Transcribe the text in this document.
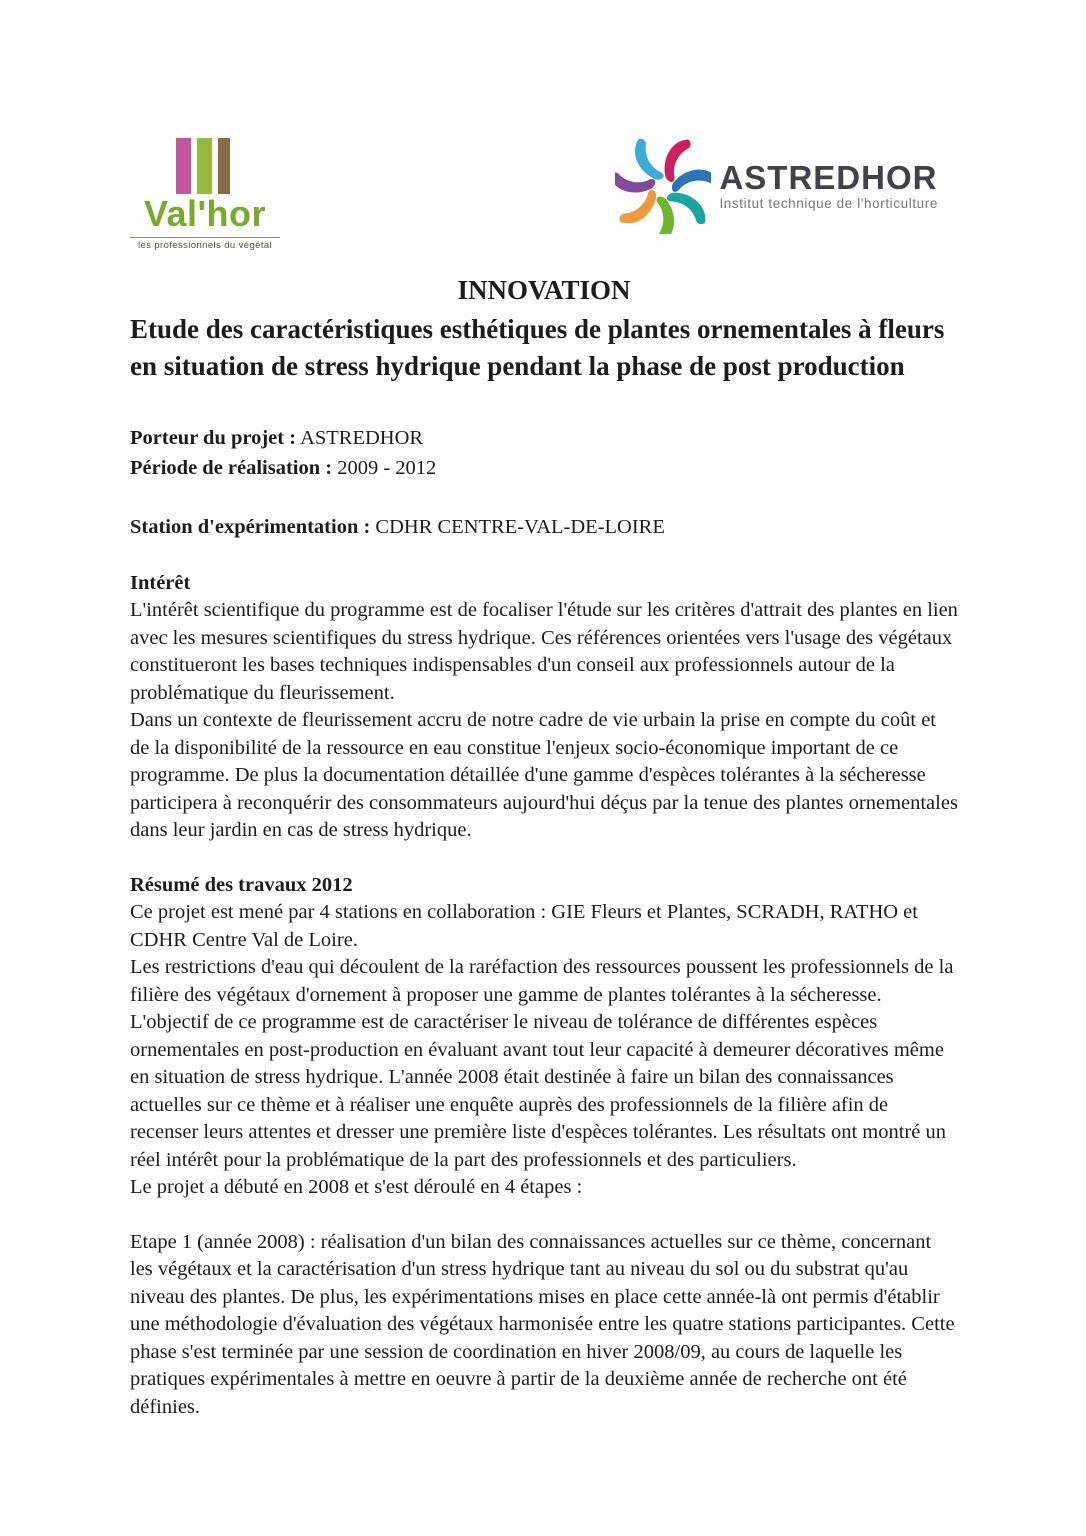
Val'hor
les professionnels du végétal
ASTREDHOR
Institut technique de l'horticulture
INNOVATION
Etude des caractéristiques esthétiques de plantes ornementales à fleurs en situation de stress hydrique pendant la phase de post production

Porteur du projet : ASTREDHOR

Période de réalisation : 2009 - 2012

Station d'expérimentation : CDHR CENTRE-VAL-DE-LOIRE

Intérêt

L'intérêt scientifique du programme est de focaliser l'étude sur les critères d'attrait des plantes en lien avec les mesures scientifiques du stress hydrique. Ces références orientées vers l'usage des végétaux constitueront les bases techniques indispensables d'un conseil aux professionnels autour de la problématique du fleurissement.

Dans un contexte de fleurissement accru de notre cadre de vie urbain la prise en compte du coût et de la disponibilité de la ressource en eau constitue l'enjeux socio-économique important de ce programme. De plus la documentation détaillée d'une gamme d'espèces tolérantes à la sécheresse participera à reconquérir des consommateurs aujourd'hui déçus par la tenue des plantes ornementales dans leur jardin en cas de stress hydrique.

Résumé des travaux 2012

Ce projet est mené par 4 stations en collaboration : GIE Fleurs et Plantes, SCRADH, RATHO et CDHR Centre Val de Loire.

Les restrictions d'eau qui découlent de la raréfaction des ressources poussent les professionnels de la filière des végétaux d'ornement à proposer une gamme de plantes tolérantes à la sécheresse. L'objectif de ce programme est de caractériser le niveau de tolérance de différentes espèces ornementales en post-production en évaluant avant tout leur capacité à demeurer décoratives même en situation de stress hydrique. L'année 2008 était destinée à faire un bilan des connaissances actuelles sur ce thème et à réaliser une enquête auprès des professionnels de la filière afin de recenser leurs attentes et dresser une première liste d'espèces tolérantes. Les résultats ont montré un réel intérêt pour la problématique de la part des professionnels et des particuliers.

Le projet a débuté en 2008 et s'est déroulé en 4 étapes :

Etape 1 (année 2008) : réalisation d'un bilan des connaissances actuelles sur ce thème, concernant les végétaux et la caractérisation d'un stress hydrique tant au niveau du sol ou du substrat qu'au niveau des plantes. De plus, les expérimentations mises en place cette année-là ont permis d'établir une méthodologie d'évaluation des végétaux harmonisée entre les quatre stations participantes. Cette phase s'est terminée par une session de coordination en hiver 2008/09, au cours de laquelle les pratiques expérimentales à mettre en oeuvre à partir de la deuxième année de recherche ont été définies.
